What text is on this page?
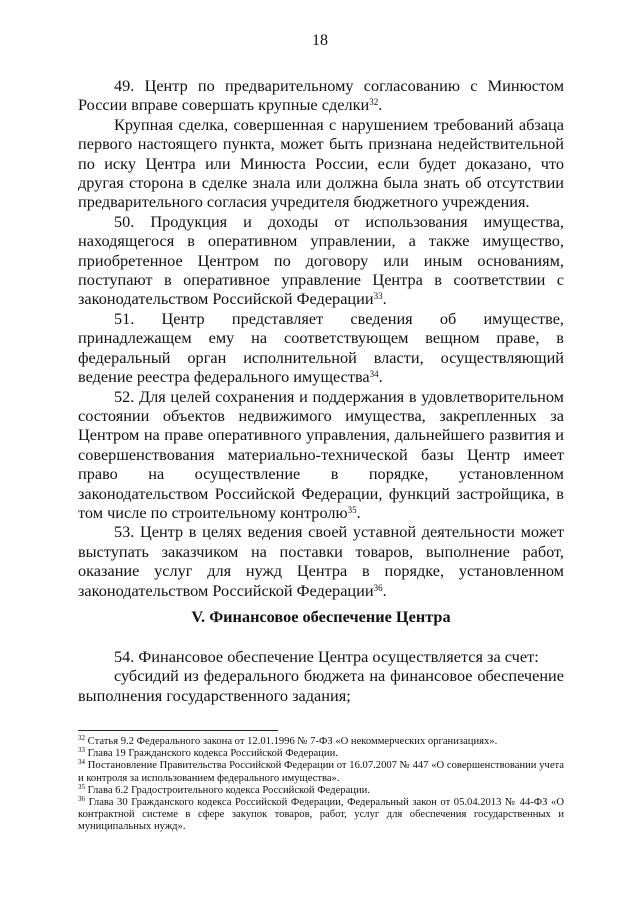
18

49. Центр по предварительному согласованию с Минюстом России вправе совершать крупные сделки$^{32}$.

Крупная сделка, совершенная с нарушением требований абзаца первого настоящего пункта, может быть признана недействительной по иску Центра или Минюста России, если будет доказано, что другая сторона в сделке знала или должна была знать об отсутствии предварительного согласия учредителя бюджетного учреждения.

50. Продукция и доходы от использования имущества, находящегося в оперативном управлении, а также имущество, приобретенное Центром по договору или иным основаниям, поступают в оперативное управление Центра в соответствии с законодательством Российской Федерации$^{33}$.

51. Центр представляет сведения об имуществе, принадлежащем ему на соответствующем вещном праве, в федеральный орган исполнительной власти, осуществляющий ведение реестра федерального имущества$^{34}$.

52. Для целей сохранения и поддержания в удовлетворительном состоянии объектов недвижимого имущества, закрепленных за Центром на праве оперативного управления, дальнейшего развития и совершенствования материально-технической базы Центр имеет право на осуществление в порядке, установленном законодательством Российской Федерации, функций застройщика, в том числе по строительному контролю$^{35}$.

53. Центр в целях ведения своей уставной деятельности может выступать заказчиком на поставки товаров, выполнение работ, оказание услуг для нужд Центра в порядке, установленном законодательством Российской Федерации$^{36}$.

V. Финансовое обеспечение Центра

54. Финансовое обеспечение Центра осуществляется за счет:

субсидий из федерального бюджета на финансовое обеспечение выполнения государственного задания;

$^{32}$ Статья 9.2 Федерального закона от 12.01.1996 № 7-ФЗ «О некоммерческих организациях».

$^{33}$ Глава 19 Гражданского кодекса Российской Федерации.

$^{34}$ Постановление Правительства Российской Федерации от 16.07.2007 № 447 «О совершенствовании учета и контроля за использованием федерального имущества».

$^{35}$ Глава 6.2 Градостроительного кодекса Российской Федерации.

$^{36}$ Глава 30 Гражданского кодекса Российской Федерации, Федеральный закон от 05.04.2013 № 44-ФЗ «О контрактной системе в сфере закупок товаров, работ, услуг для обеспечения государственных и муниципальных нужд».
